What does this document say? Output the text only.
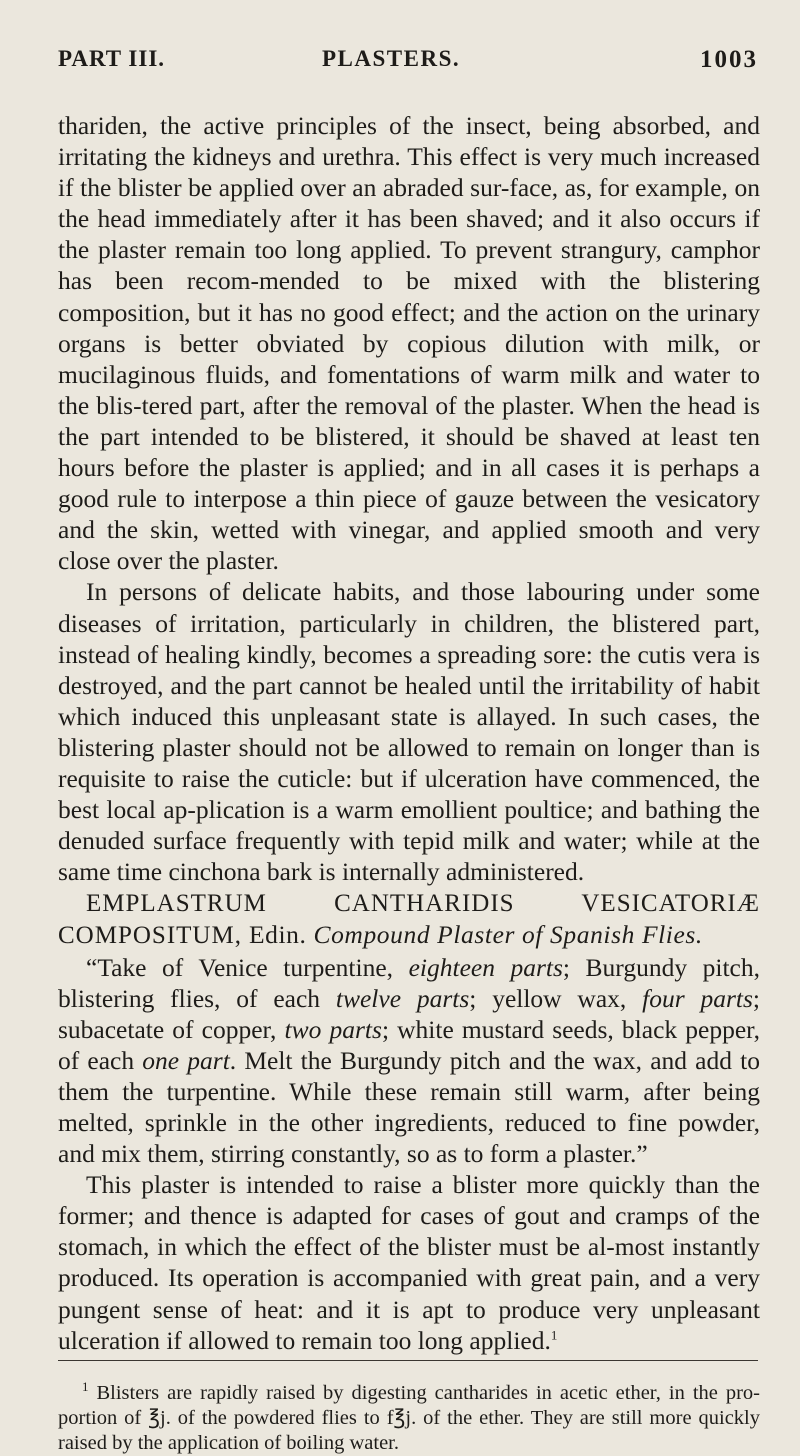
PART III.	PLASTERS.	1003

thariden, the active principles of the insect, being absorbed, and irritating the kidneys and urethra. This effect is very much increased if the blister be applied over an abraded sur-face, as, for example, on the head immediately after it has been shaved; and it also occurs if the plaster remain too long applied. To prevent strangury, camphor has been recom-mended to be mixed with the blistering composition, but it has no good effect; and the action on the urinary organs is better obviated by copious dilution with milk, or mucilaginous fluids, and fomentations of warm milk and water to the blis-tered part, after the removal of the plaster. When the head is the part intended to be blistered, it should be shaved at least ten hours before the plaster is applied; and in all cases it is perhaps a good rule to interpose a thin piece of gauze between the vesicatory and the skin, wetted with vinegar, and applied smooth and very close over the plaster.

In persons of delicate habits, and those labouring under some diseases of irritation, particularly in children, the blistered part, instead of healing kindly, becomes a spreading sore: the cutis vera is destroyed, and the part cannot be healed until the irritability of habit which induced this unpleasant state is allayed. In such cases, the blistering plaster should not be allowed to remain on longer than is requisite to raise the cuticle: but if ulceration have commenced, the best local ap-plication is a warm emollient poultice; and bathing the denuded surface frequently with tepid milk and water; while at the same time cinchona bark is internally administered.

EMPLASTRUM CANTHARIDIS VESICATORIÆ COMPOSITUM, Edin. Compound Plaster of Spanish Flies.

“Take of Venice turpentine, eighteen parts; Burgundy pitch, blistering flies, of each twelve parts; yellow wax, four parts; subacetate of copper, two parts; white mustard seeds, black pepper, of each one part. Melt the Burgundy pitch and the wax, and add to them the turpentine. While these remain still warm, after being melted, sprinkle in the other ingredients, reduced to fine powder, and mix them, stirring constantly, so as to form a plaster.”

This plaster is intended to raise a blister more quickly than the former; and thence is adapted for cases of gout and cramps of the stomach, in which the effect of the blister must be al-most instantly produced. Its operation is accompanied with great pain, and a very pungent sense of heat: and it is apt to produce very unpleasant ulceration if allowed to remain too long applied.$^1$

$^1$ Blisters are rapidly raised by digesting cantharides in acetic ether, in the pro-portion of ℥j. of the powdered flies to f℥j. of the ether. They are still more quickly raised by the application of boiling water.
